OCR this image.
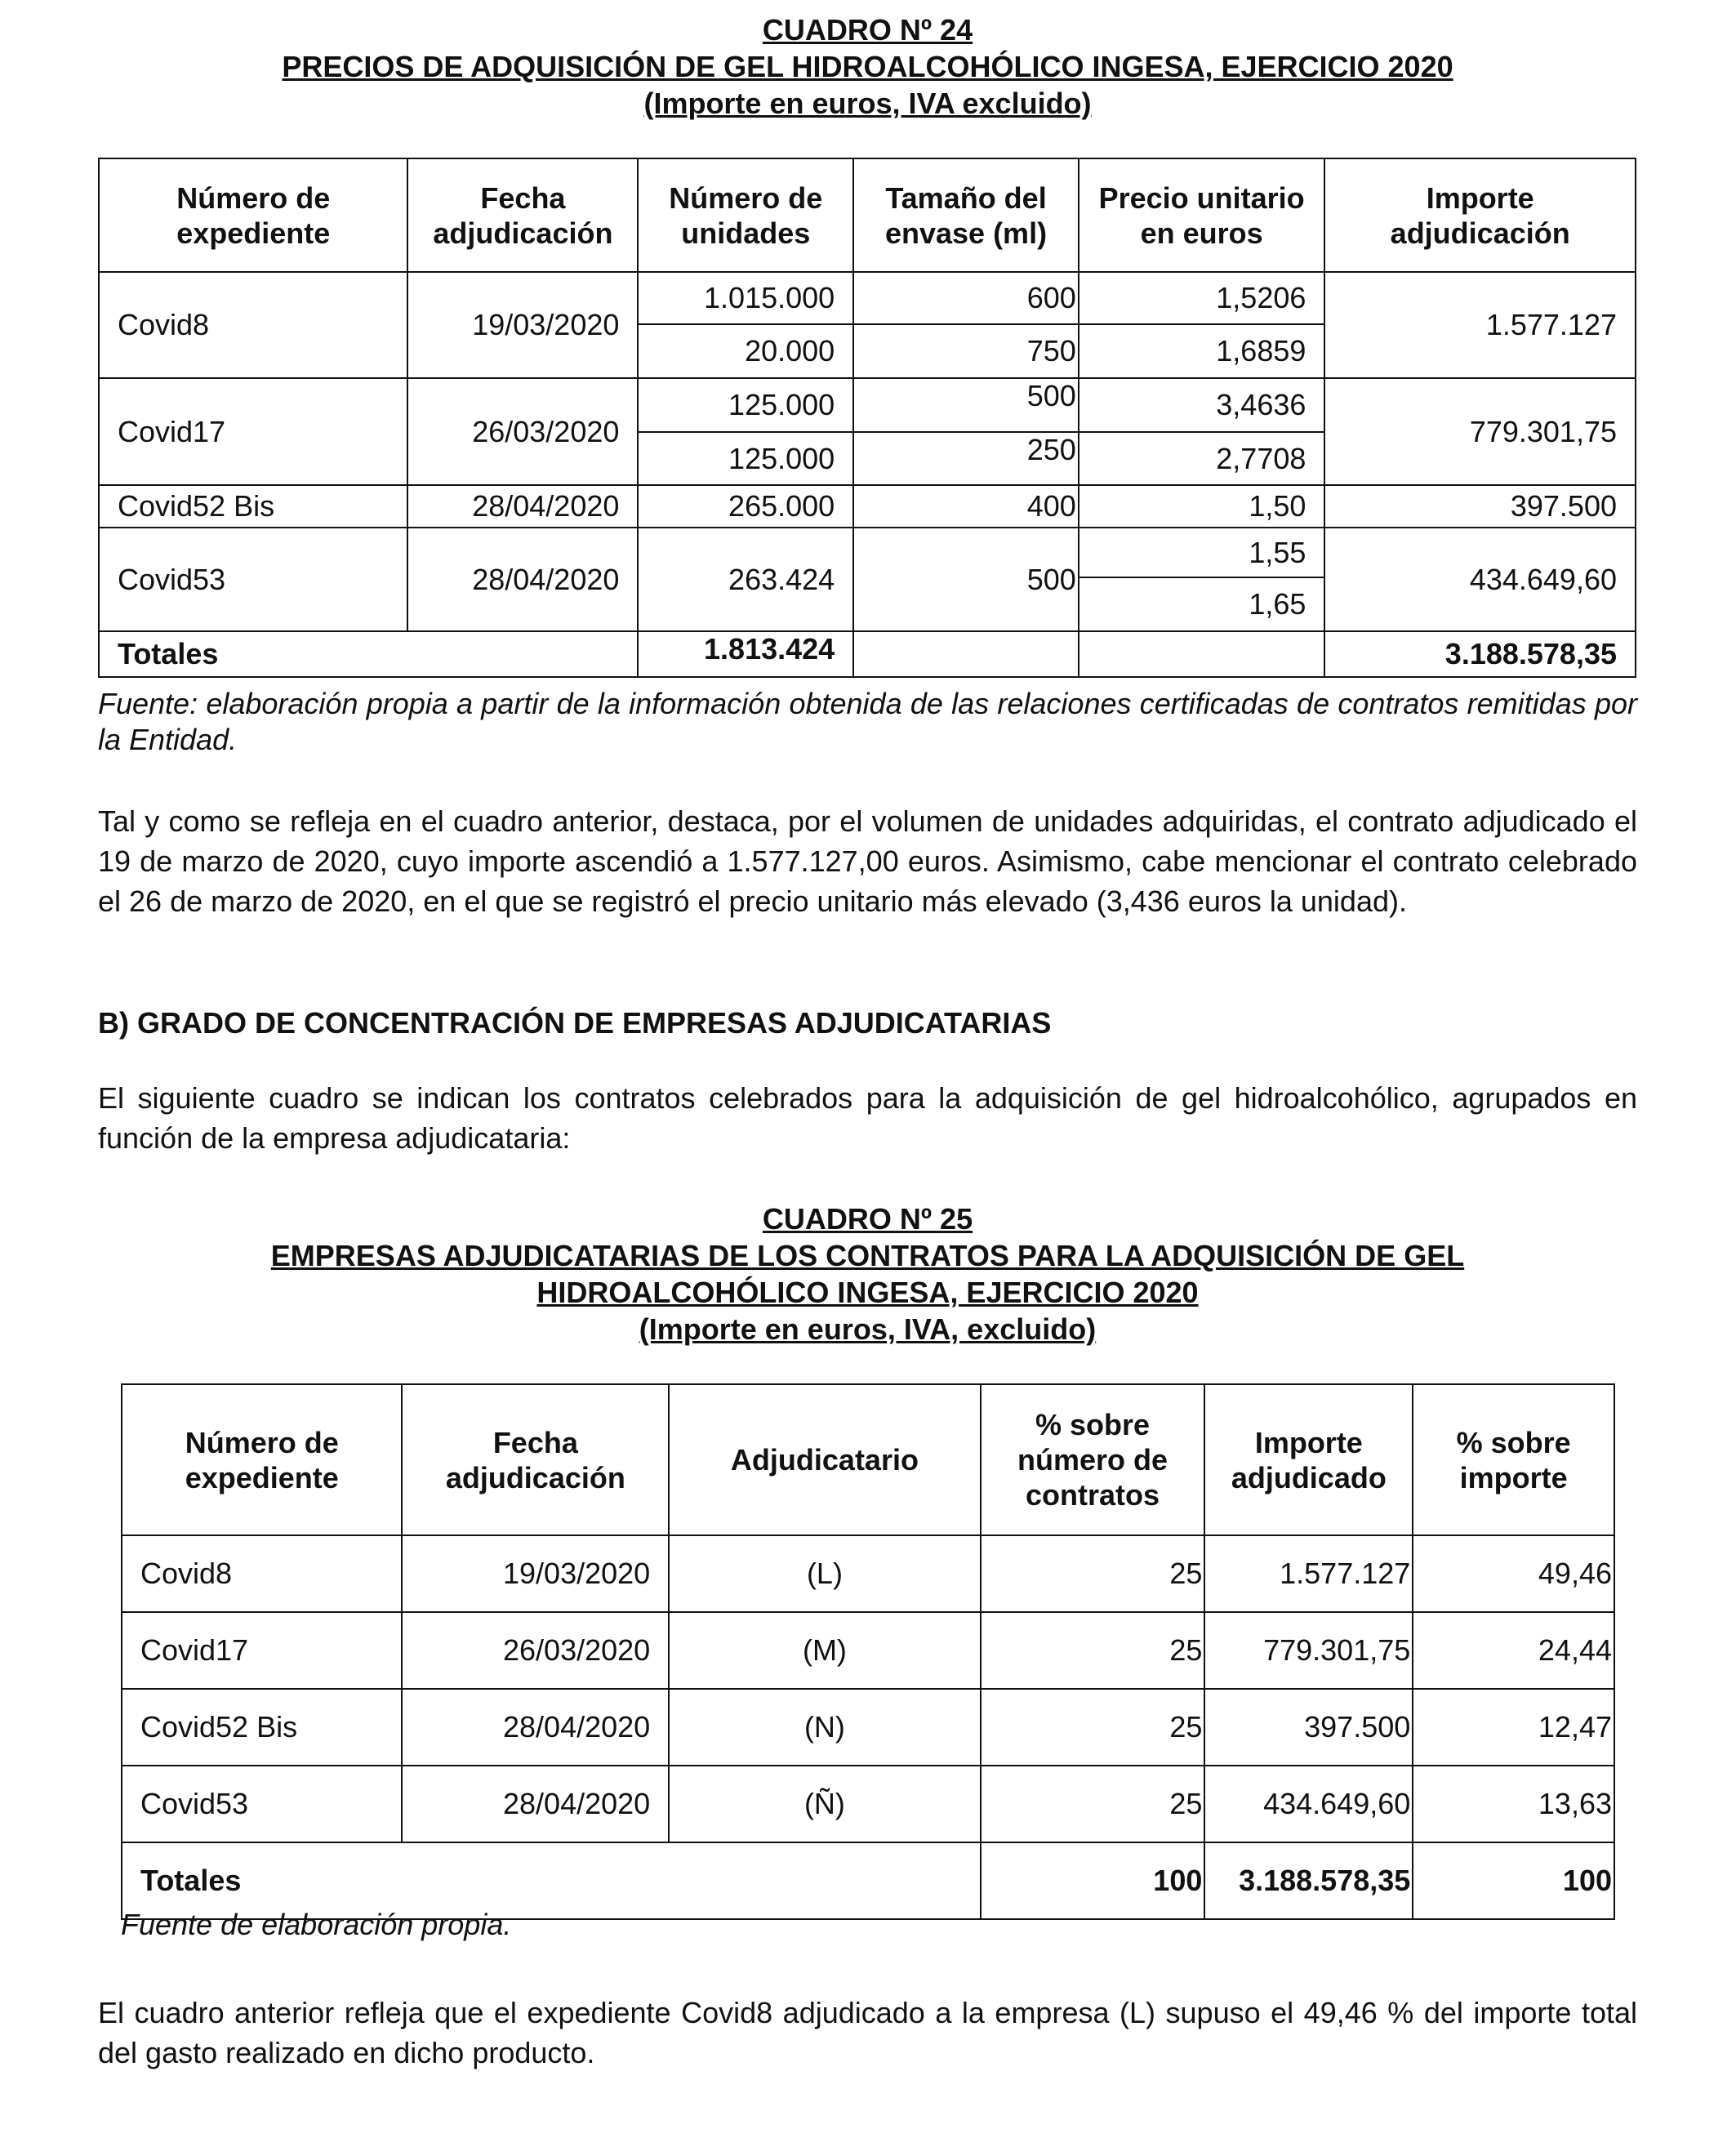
CUADRO Nº 24
PRECIOS DE ADQUISICIÓN DE GEL HIDROALCOHÓLICO INGESA, EJERCICIO 2020
(Importe en euros, IVA excluido)
Número de expediente	Fecha adjudicación	Número de unidades	Tamaño del envase (ml)	Precio unitario en euros	Importe adjudicación
Covid8	19/03/2020	1.015.000	600	1,5206	1.577.127
		20.000	750	1,6859	
Covid17	26/03/2020	125.000	500	3,4636	779.301,75
		125.000	250	2,7708	
Covid52 Bis	28/04/2020	265.000	400	1,50	397.500
Covid53	28/04/2020	263.424	500	1,55	434.649,60
				1,65	
Totales		1.813.424			3.188.578,35
Fuente: elaboración propia a partir de la información obtenida de las relaciones certificadas de contratos remitidas por la Entidad.
Tal y como se refleja en el cuadro anterior, destaca, por el volumen de unidades adquiridas, el contrato adjudicado el 19 de marzo de 2020, cuyo importe ascendió a 1.577.127,00 euros. Asimismo, cabe mencionar el contrato celebrado el 26 de marzo de 2020, en el que se registró el precio unitario más elevado (3,436 euros la unidad).
B) GRADO DE CONCENTRACIÓN DE EMPRESAS ADJUDICATARIAS
El siguiente cuadro se indican los contratos celebrados para la adquisición de gel hidroalcohólico, agrupados en función de la empresa adjudicataria:
CUADRO Nº 25
EMPRESAS ADJUDICATARIAS DE LOS CONTRATOS PARA LA ADQUISICIÓN DE GEL
HIDROALCOHÓLICO INGESA, EJERCICIO 2020
(Importe en euros, IVA, excluido)
Número de expediente	Fecha adjudicación	Adjudicatario	% sobre número de contratos	Importe adjudicado	% sobre importe
Covid8	19/03/2020	(L)	25	1.577.127	49,46
Covid17	26/03/2020	(M)	25	779.301,75	24,44
Covid52 Bis	28/04/2020	(N)	25	397.500	12,47
Covid53	28/04/2020	(Ñ)	25	434.649,60	13,63
Totales			100	3.188.578,35	100
Fuente de elaboración propia.
El cuadro anterior refleja que el expediente Covid8 adjudicado a la empresa (L) supuso el 49,46 % del importe total del gasto realizado en dicho producto.
